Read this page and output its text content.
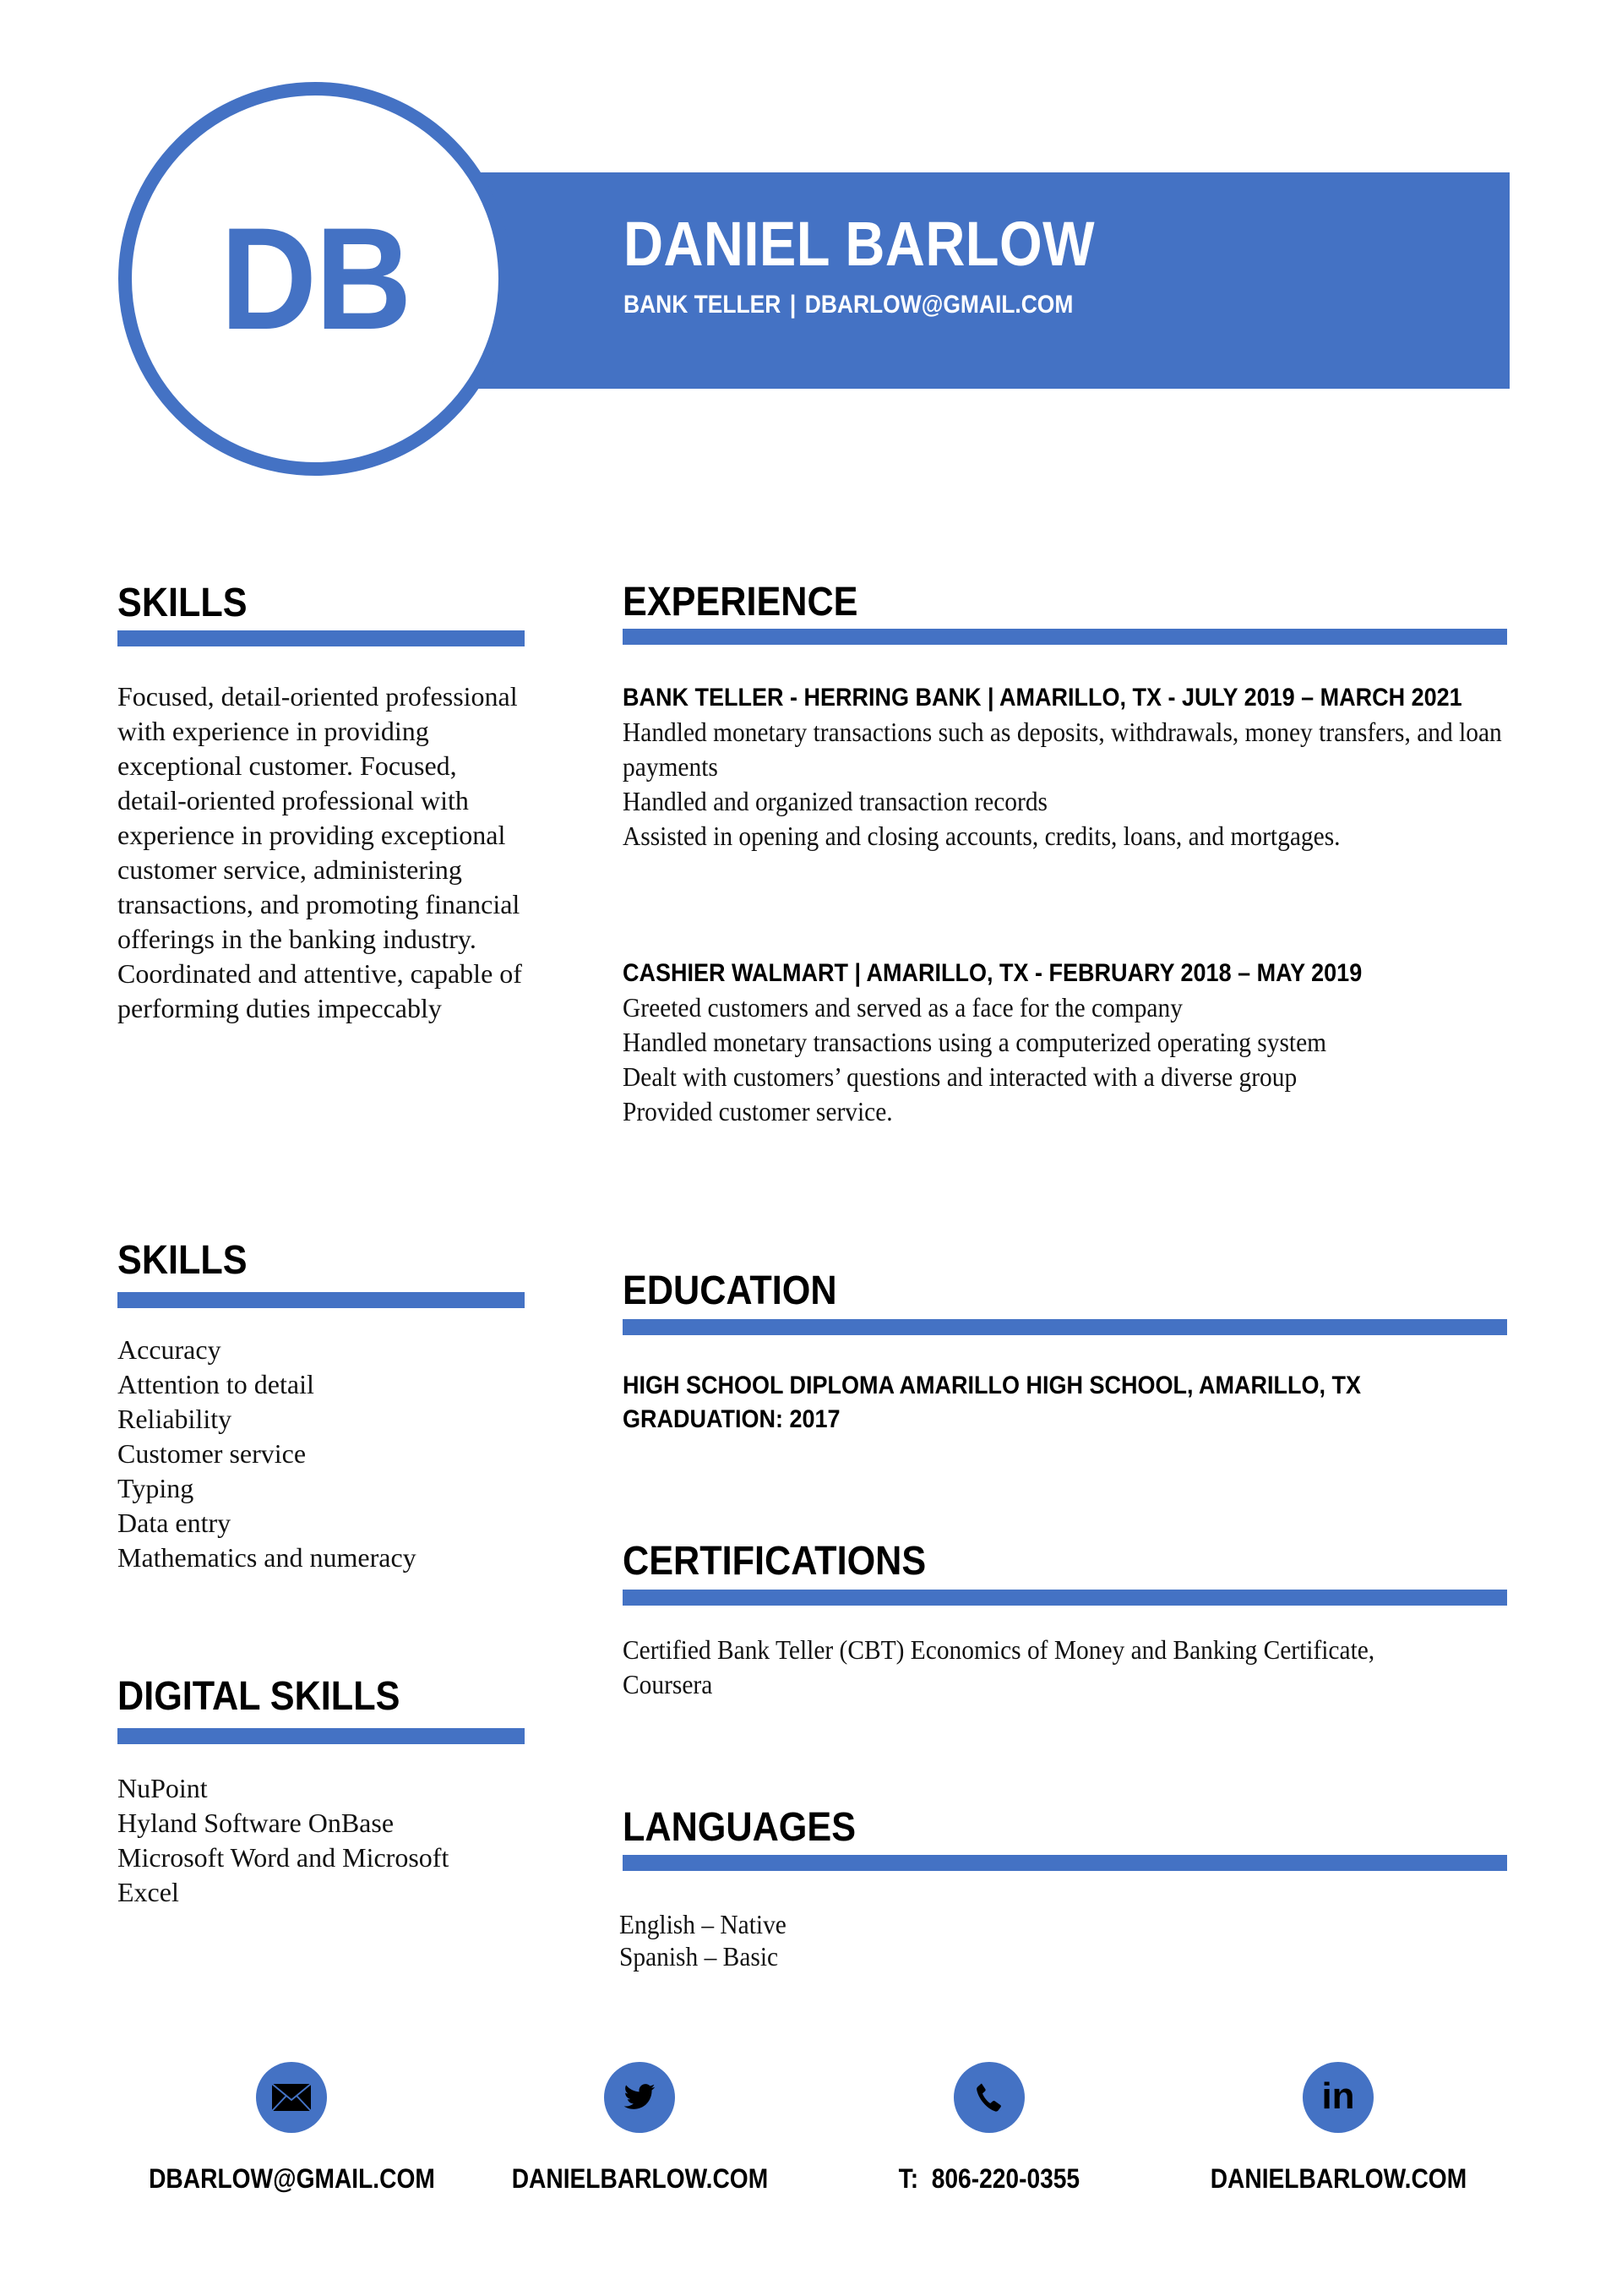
DB	DANIEL BARLOW
BANK TELLER | DBARLOW@GMAIL.COM
SKILLS
Focused, detail-oriented professional with experience in providing exceptional customer. Focused, detail-oriented professional with experience in providing exceptional customer service, administering transactions, and promoting financial offerings in the banking industry. Coordinated and attentive, capable of performing duties impeccably
SKILLS
Accuracy
Attention to detail
Reliability
Customer service
Typing
Data entry
Mathematics and numeracy
DIGITAL SKILLS
NuPoint
Hyland Software OnBase
Microsoft Word and Microsoft Excel
EXPERIENCE
BANK TELLER - HERRING BANK | AMARILLO, TX - JULY 2019 – MARCH 2021
Handled monetary transactions such as deposits, withdrawals, money transfers, and loan payments
Handled and organized transaction records
Assisted in opening and closing accounts, credits, loans, and mortgages.
CASHIER WALMART | AMARILLO, TX - FEBRUARY 2018 – MAY 2019
Greeted customers and served as a face for the company
Handled monetary transactions using a computerized operating system
Dealt with customers’ questions and interacted with a diverse group
Provided customer service.
EDUCATION
HIGH SCHOOL DIPLOMA AMARILLO HIGH SCHOOL, AMARILLO, TX GRADUATION: 2017
CERTIFICATIONS
Certified Bank Teller (CBT) Economics of Money and Banking Certificate, Coursera
LANGUAGES
English – Native
Spanish – Basic
in
DBARLOW@GMAIL.COM	DANIELBARLOW.COM	T:  806-220-0355	DANIELBARLOW.COM
